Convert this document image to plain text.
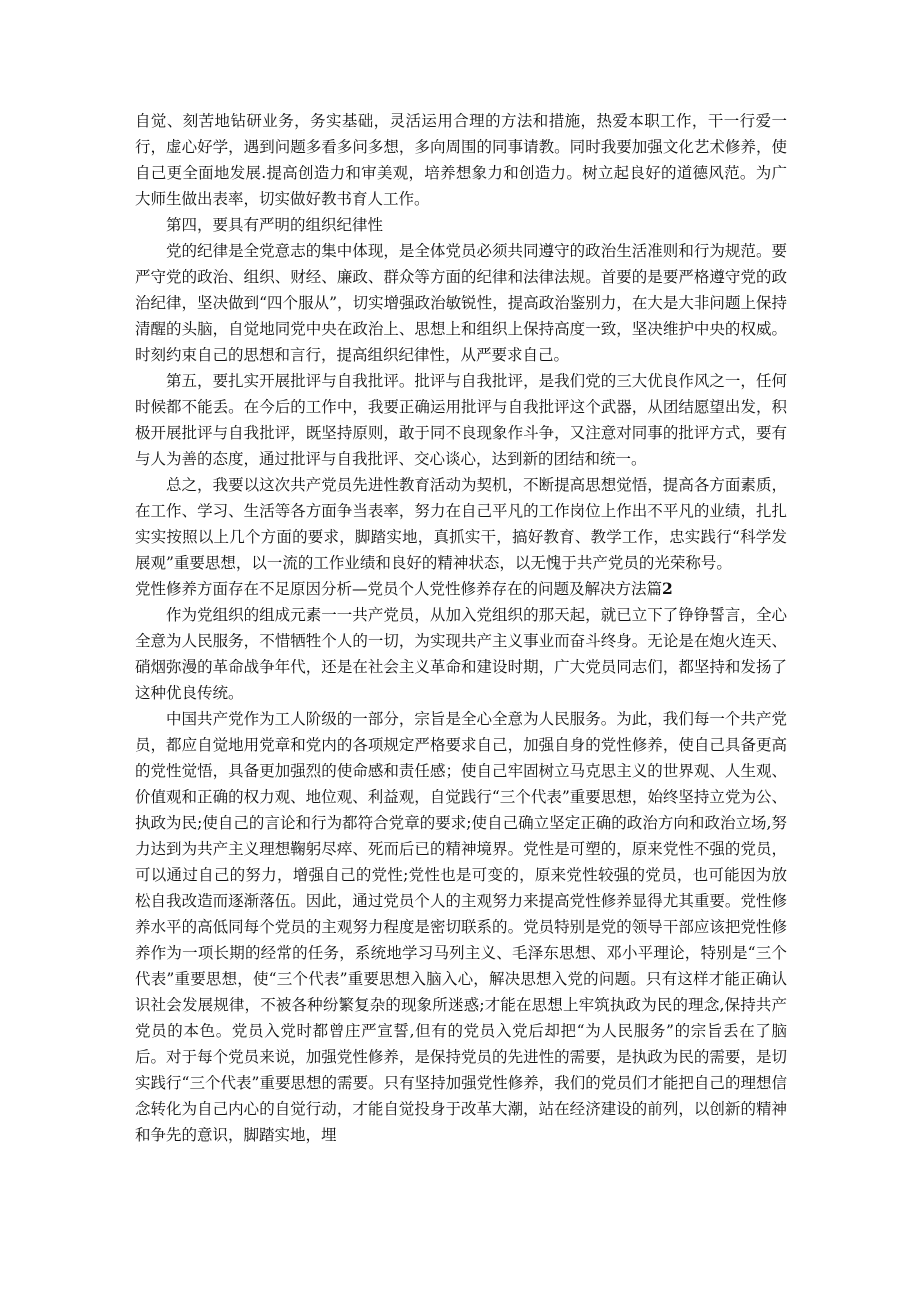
自觉、刻苦地钻研业务，务实基础，灵活运用合理的方法和措施，热爱本职工作，干一行爱一行，虚心好学，遇到问题多看多问多想，多向周围的同事请教。同时我要加强文化艺术修养，使自己更全面地发展.提高创造力和审美观，培养想象力和创造力。树立起良好的道德风范。为广大师生做出表率，切实做好教书育人工作。

第四，要具有严明的组织纪律性

党的纪律是全党意志的集中体现，是全体党员必须共同遵守的政治生活准则和行为规范。要严守党的政治、组织、财经、廉政、群众等方面的纪律和法律法规。首要的是要严格遵守党的政治纪律，坚决做到“四个服从”，切实增强政治敏锐性，提高政治鉴别力，在大是大非问题上保持清醒的头脑，自觉地同党中央在政治上、思想上和组织上保持高度一致，坚决维护中央的权威。时刻约束自己的思想和言行，提高组织纪律性，从严要求自己。

第五，要扎实开展批评与自我批评。批评与自我批评，是我们党的三大优良作风之一，任何时候都不能丢。在今后的工作中，我要正确运用批评与自我批评这个武器，从团结愿望出发，积极开展批评与自我批评，既坚持原则，敢于同不良现象作斗争，又注意对同事的批评方式，要有与人为善的态度，通过批评与自我批评、交心谈心，达到新的团结和统一。

总之，我要以这次共产党员先进性教育活动为契机，不断提高思想觉悟，提高各方面素质，在工作、学习、生活等各方面争当表率，努力在自己平凡的工作岗位上作出不平凡的业绩，扎扎实实按照以上几个方面的要求，脚踏实地，真抓实干，搞好教育、教学工作，忠实践行“科学发展观”重要思想，以一流的工作业绩和良好的精神状态，以无愧于共产党员的光荣称号。

党性修养方面存在不足原因分析—党员个人党性修养存在的问题及解决方法篇2

作为党组织的组成元素一一共产党员，从加入党组织的那天起，就已立下了铮铮誓言，全心全意为人民服务，不惜牺牲个人的一切，为实现共产主义事业而奋斗终身。无论是在炮火连天、硝烟弥漫的革命战争年代，还是在社会主义革命和建设时期，广大党员同志们，都坚持和发扬了这种优良传统。

中国共产党作为工人阶级的一部分，宗旨是全心全意为人民服务。为此，我们每一个共产党员，都应自觉地用党章和党内的各项规定严格要求自己，加强自身的党性修养，使自己具备更高的党性觉悟，具备更加强烈的使命感和责任感；使自己牢固树立马克思主义的世界观、人生观、价值观和正确的权力观、地位观、利益观，自觉践行“三个代表”重要思想，始终坚持立党为公、执政为民;使自己的言论和行为都符合党章的要求;使自己确立坚定正确的政治方向和政治立场,努力达到为共产主义理想鞠躬尽瘁、死而后已的精神境界。党性是可塑的，原来党性不强的党员，可以通过自己的努力，增强自己的党性;党性也是可变的，原来党性较强的党员，也可能因为放松自我改造而逐渐落伍。因此，通过党员个人的主观努力来提高党性修养显得尤其重要。党性修养水平的高低同每个党员的主观努力程度是密切联系的。党员特别是党的领导干部应该把党性修养作为一项长期的经常的任务，系统地学习马列主义、毛泽东思想、邓小平理论，特别是“三个代表”重要思想，使“三个代表”重要思想入脑入心，解决思想入党的问题。只有这样才能正确认识社会发展规律，不被各种纷繁复杂的现象所迷惑;才能在思想上牢筑执政为民的理念,保持共产党员的本色。党员入党时都曾庄严宣誓,但有的党员入党后却把“为人民服务”的宗旨丢在了脑后。对于每个党员来说，加强党性修养，是保持党员的先进性的需要，是执政为民的需要，是切实践行“三个代表”重要思想的需要。只有坚持加强党性修养，我们的党员们才能把自己的理想信念转化为自己内心的自觉行动，才能自觉投身于改革大潮，站在经济建设的前列，以创新的精神和争先的意识，脚踏实地，埋
